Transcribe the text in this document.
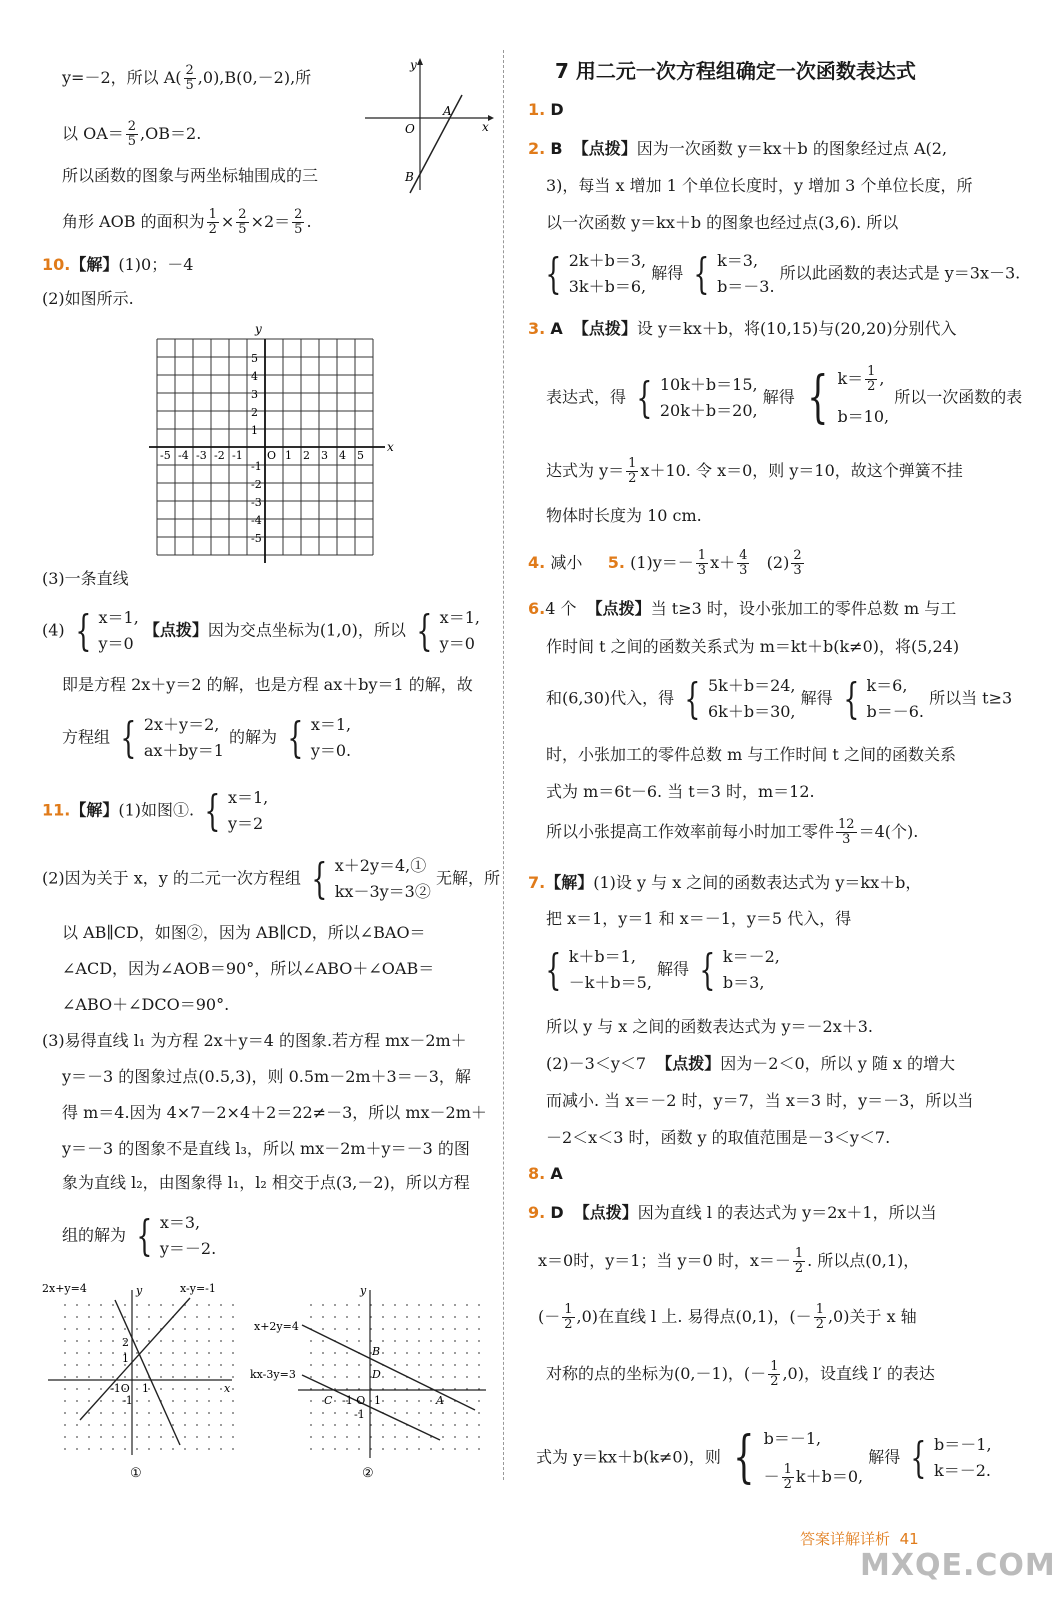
y=－2，所以 $A( \frac{2}{5} ,0),B(0,-2)$,所
以 $OA= \frac{2}{5} ,OB=2$.
所以函数的图象与两坐标轴围成的三
角形 AOB 的面积为 $\frac{1}{2} \times \frac{2}{5} \times 2= \frac{2}{5}$ .
y
x
O
A
B
10.【解】(1)0；－4
(2)如图所示.
x
y
-5 -4 -3 -2 -1 O 1 2 3 4 5
5
4
3
2
1
-1
-2
-3
-4
-5
(3)一条直线
(4) { x＝1,
y＝0
【点拨】因为交点坐标为(1,0)，所以 { x＝1,
y＝0
即是方程 2x＋y＝2 的解，也是方程 ax＋by＝1 的解，故
方程组 { 2x＋y＝2,
ax＋by＝1
的解为 { x＝1,
y＝0.
11.【解】(1)如图①. { x＝1,
y＝2
(2)因为关于 x，y 的二元一次方程组 { x＋2y＝4,①
kx－3y＝3②
无解，所
以 AB∥CD，如图②，因为 AB∥CD，所以∠BAO＝
∠ACD，因为∠AOB＝90°，所以∠ABO＋∠OAB＝
∠ABO＋∠DCO＝90°.
(3)易得直线 l₁ 为方程 2x＋y＝4 的图象.若方程 mx－2m＋
y＝－3 的图象过点(0.5,3)，则 0.5m－2m＋3＝－3，解
得 m＝4.因为 4×7－2×4＋2＝22≠－3，所以 mx－2m＋
y＝－3 的图象不是直线 l₃，所以 mx－2m＋y＝－3 的图
象为直线 l₂，由图象得 l₁，l₂ 相交于点(3,－2)，所以方程
组的解为 { x＝3,
y＝－2.
2x+y=4	x-y=-1
y
x
2
1
-1O 1
-1
①
x+2y=4
kx-3y=3
y
B
C
D
-1 O 1	A
-1
②
7 用二元一次方程组确定一次函数表达式
1. D
2. B 【点拨】因为一次函数 y＝kx＋b 的图象经过点 A(2,
3)，每当 x 增加 1 个单位长度时，y 增加 3 个单位长度，所
以一次函数 y＝kx＋b 的图象也经过点(3,6). 所以
{ 2k＋b＝3,
3k＋b＝6,
解得 { k＝3,
b＝－3.
所以此函数的表达式是 y＝3x－3.
3. A 【点拨】设 y＝kx＋b，将(10,15)与(20,20)分别代入
表达式，得 { 10k＋b＝15,
20k＋b＝20,
解得 { $k= \frac{1}{2}$ ,
b＝10,
所以一次函数的表
达式为 $y= \frac{1}{2} x+10$. 令 x＝0，则 y＝10，故这个弹簧不挂
物体时长度为 10 cm.
4. 减小 5. $(1)y=- \frac{1}{3} x+ \frac{4}{3} (2) \frac{2}{3}$
6.4 个 【点拨】当 t≥3 时，设小张加工的零件总数 m 与工
作时间 t 之间的函数关系式为 m＝kt＋b(k≠0)，将(5,24)
和(6,30)代入，得 { 5k＋b＝24,
6k＋b＝30,
解得 { k＝6,
b＝－6.
所以当 t≥3
时，小张加工的零件总数 m 与工作时间 t 之间的函数关系
式为 m＝6t－6. 当 t＝3 时，m＝12.
所以小张提高工作效率前每小时加工零件 $\frac{12}{3} =4$(个).
7.【解】(1)设 y 与 x 之间的函数表达式为 y＝kx＋b，
把 x＝1，y＝1 和 x＝－1，y＝5 代入，得
{ k＋b＝1,
－k＋b＝5,
解得 { k＝－2,
b＝3,
所以 y 与 x 之间的函数表达式为 y＝－2x＋3.
(2)－3＜y＜7 【点拨】因为－2＜0，所以 y 随 x 的增大
而减小. 当 x＝－2 时，y＝7，当 x＝3 时，y＝－3，所以当
－2＜x＜3 时，函数 y 的取值范围是－3＜y＜7.
8. A
9. D 【点拨】因为直线 l 的表达式为 y＝2x＋1，所以当
x＝0时，y＝1；当 y＝0 时，$x=- \frac{1}{2}$ . 所以点(0,1)，
(－ $\frac{1}{2} ,0$)在直线 l 上. 易得点(0,1)，(－ $\frac{1}{2} ,0$)关于 x 轴
对称的点的坐标为(0,－1)，(－ $\frac{1}{2} ,0$)，设直线 l′ 的表达
式为 y＝kx＋b(k≠0)，则 { b＝－1,
－ $\frac{1}{2} k+b=0$,
解得 { b＝－1,
k＝－2.
答案详解详析 41
MXQE.COM
